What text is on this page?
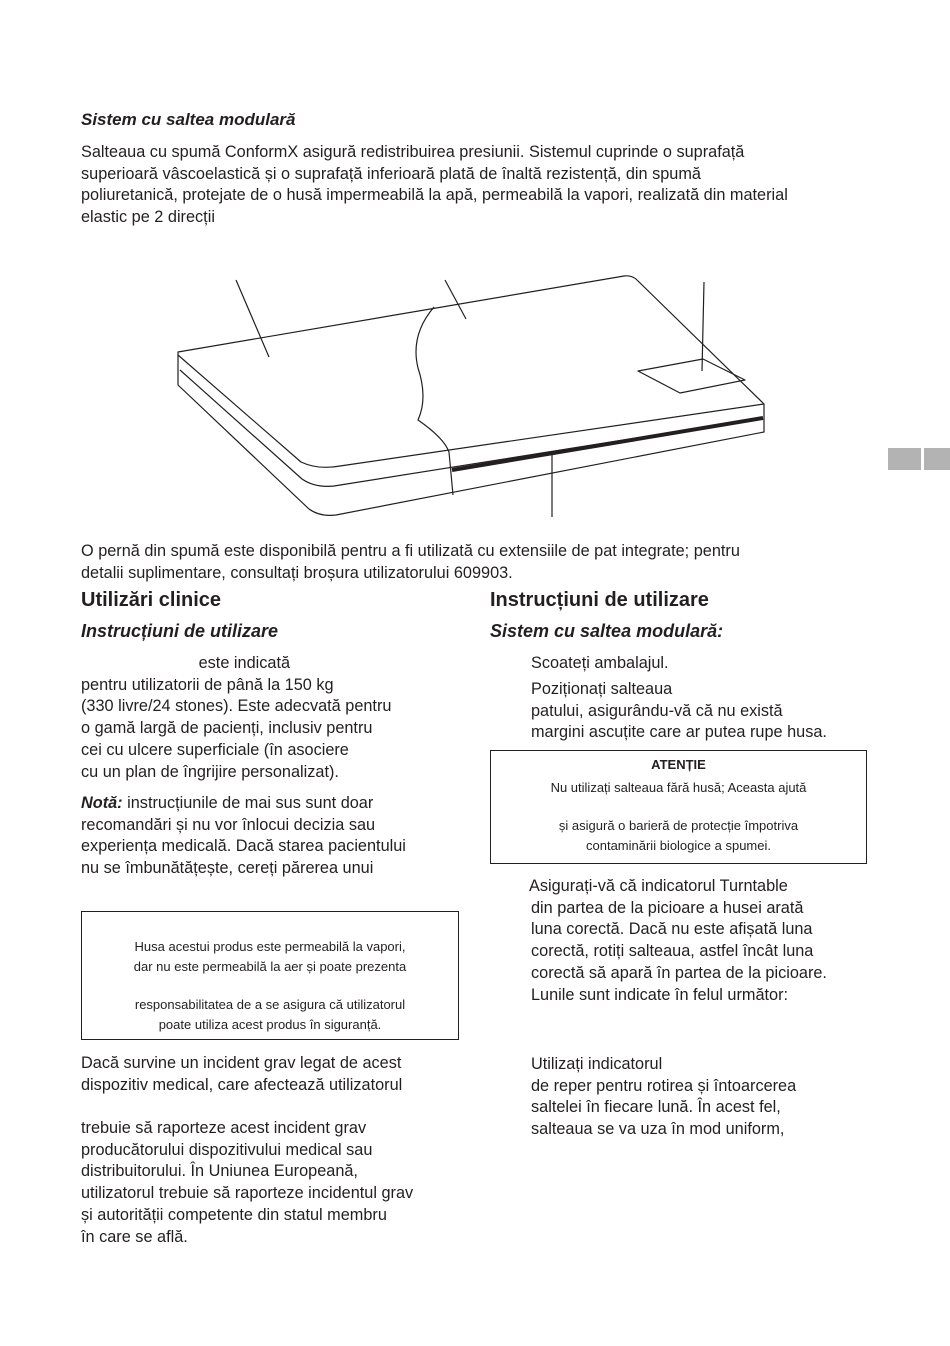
Sistem cu saltea modulară
Salteaua cu spumă ConformX asigură redistribuirea presiunii. Sistemul cuprinde o suprafață
superioară vâscoelastică și o suprafață inferioară plată de înaltă rezistență, din spumă
poliuretanică, protejate de o husă impermeabilă la apă, permeabilă la vapori, realizată din material
elastic pe 2 direcții
O pernă din spumă este disponibilă pentru a fi utilizată cu extensiile de pat integrate; pentru
detalii suplimentare, consultați broșura utilizatorului 609903.
Utilizări clinice
Instrucțiuni de utilizare
este indicată
pentru utilizatorii de până la 150 kg
(330 livre/24 stones). Este adecvată pentru
o gamă largă de pacienți, inclusiv pentru
cei cu ulcere superficiale (în asociere
cu un plan de îngrijire personalizat).
Notă: instrucțiunile de mai sus sunt doar
recomandări și nu vor înlocui decizia sau
experiența medicală. Dacă starea pacientului
nu se îmbunătățește, cereți părerea unui
Husa acestui produs este permeabilă la vapori,
dar nu este permeabilă la aer și poate prezenta
responsabilitatea de a se asigura că utilizatorul
poate utiliza acest produs în siguranță.
Dacă survine un incident grav legat de acest
dispozitiv medical, care afectează utilizatorul
trebuie să raporteze acest incident grav
producătorului dispozitivului medical sau
distribuitorului. În Uniunea Europeană,
utilizatorul trebuie să raporteze incidentul grav
și autorității competente din statul membru
în care se află.
Instrucțiuni de utilizare
Sistem cu saltea modulară:
Scoateți ambalajul.
Poziționați salteaua
patului, asigurându-vă că nu există
margini ascuțite care ar putea rupe husa.
ATENȚIE
Nu utilizați salteaua fără husă; Aceasta ajută
și asigură o barieră de protecție împotriva
contaminării biologice a spumei.
Asigurați-vă că indicatorul Turntable
din partea de la picioare a husei arată
luna corectă. Dacă nu este afișată luna
corectă, rotiți salteaua, astfel încât luna
corectă să apară în partea de la picioare.
Lunile sunt indicate în felul următor:
Utilizați indicatorul
de reper pentru rotirea și întoarcerea
saltelei în fiecare lună. În acest fel,
salteaua se va uza în mod uniform,
